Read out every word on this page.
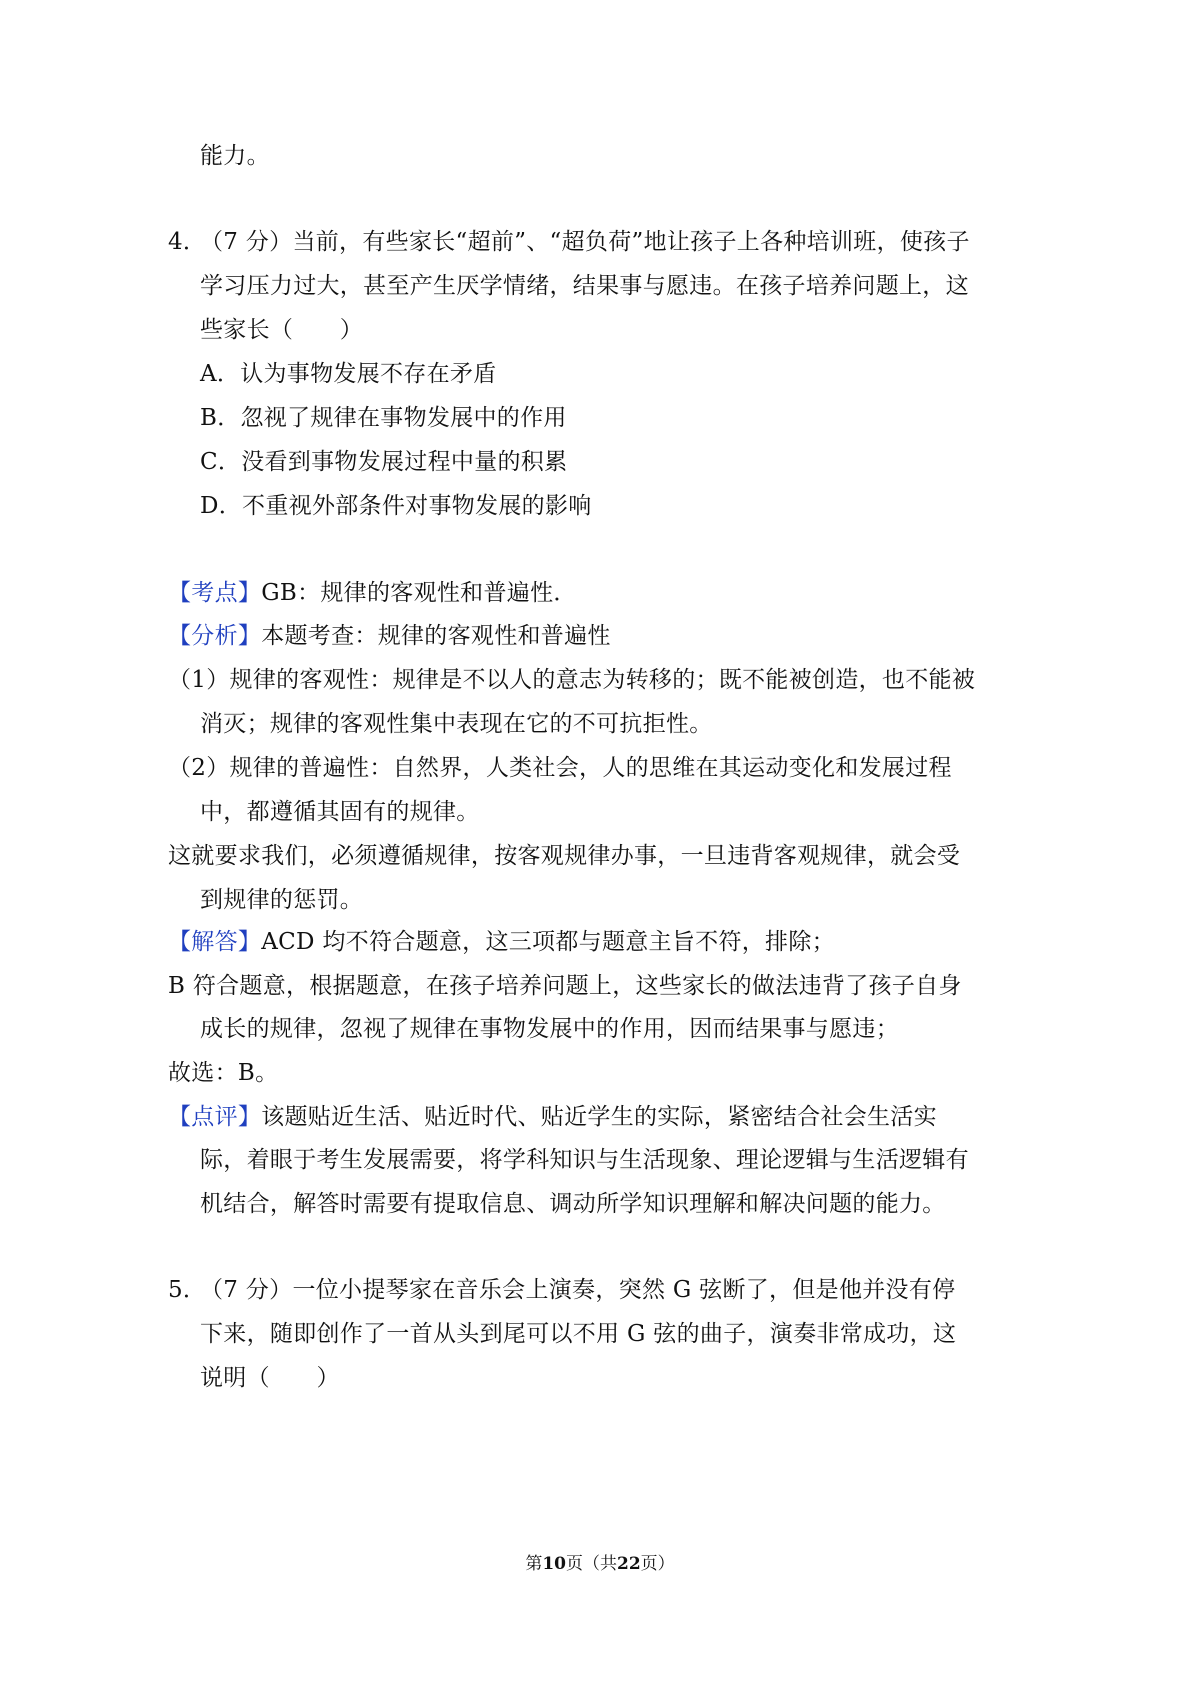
能力。
4．
（7 分）当前，有些家长“超前”、“超负荷”地让孩子上各种培训班，使孩子
学习压力过大，甚至产生厌学情绪，结果事与愿违。在孩子培养问题上，这
些家长（　　）
A．认为事物发展不存在矛盾
B．忽视了规律在事物发展中的作用
C．没看到事物发展过程中量的积累
D．不重视外部条件对事物发展的影响
【考点】GB：规律的客观性和普遍性．
【分析】本题考查：规律的客观性和普遍性
（1）规律的客观性：规律是不以人的意志为转移的；既不能被创造，也不能被
消灭；规律的客观性集中表现在它的不可抗拒性。
（2）规律的普遍性：自然界，人类社会，人的思维在其运动变化和发展过程
中，都遵循其固有的规律。
这就要求我们，必须遵循规律，按客观规律办事，一旦违背客观规律，就会受
到规律的惩罚。
【解答】ACD 均不符合题意，这三项都与题意主旨不符，排除；
B 符合题意，根据题意，在孩子培养问题上，这些家长的做法违背了孩子自身
成长的规律，忽视了规律在事物发展中的作用，因而结果事与愿违；
故选：B。
【点评】该题贴近生活、贴近时代、贴近学生的实际，紧密结合社会生活实
际，着眼于考生发展需要，将学科知识与生活现象、理论逻辑与生活逻辑有
机结合，解答时需要有提取信息、调动所学知识理解和解决问题的能力。
5．
（7 分）一位小提琴家在音乐会上演奏，突然 G 弦断了，但是他并没有停
下来，随即创作了一首从头到尾可以不用 G 弦的曲子，演奏非常成功，这
说明（　　）
第10页（共22页）
